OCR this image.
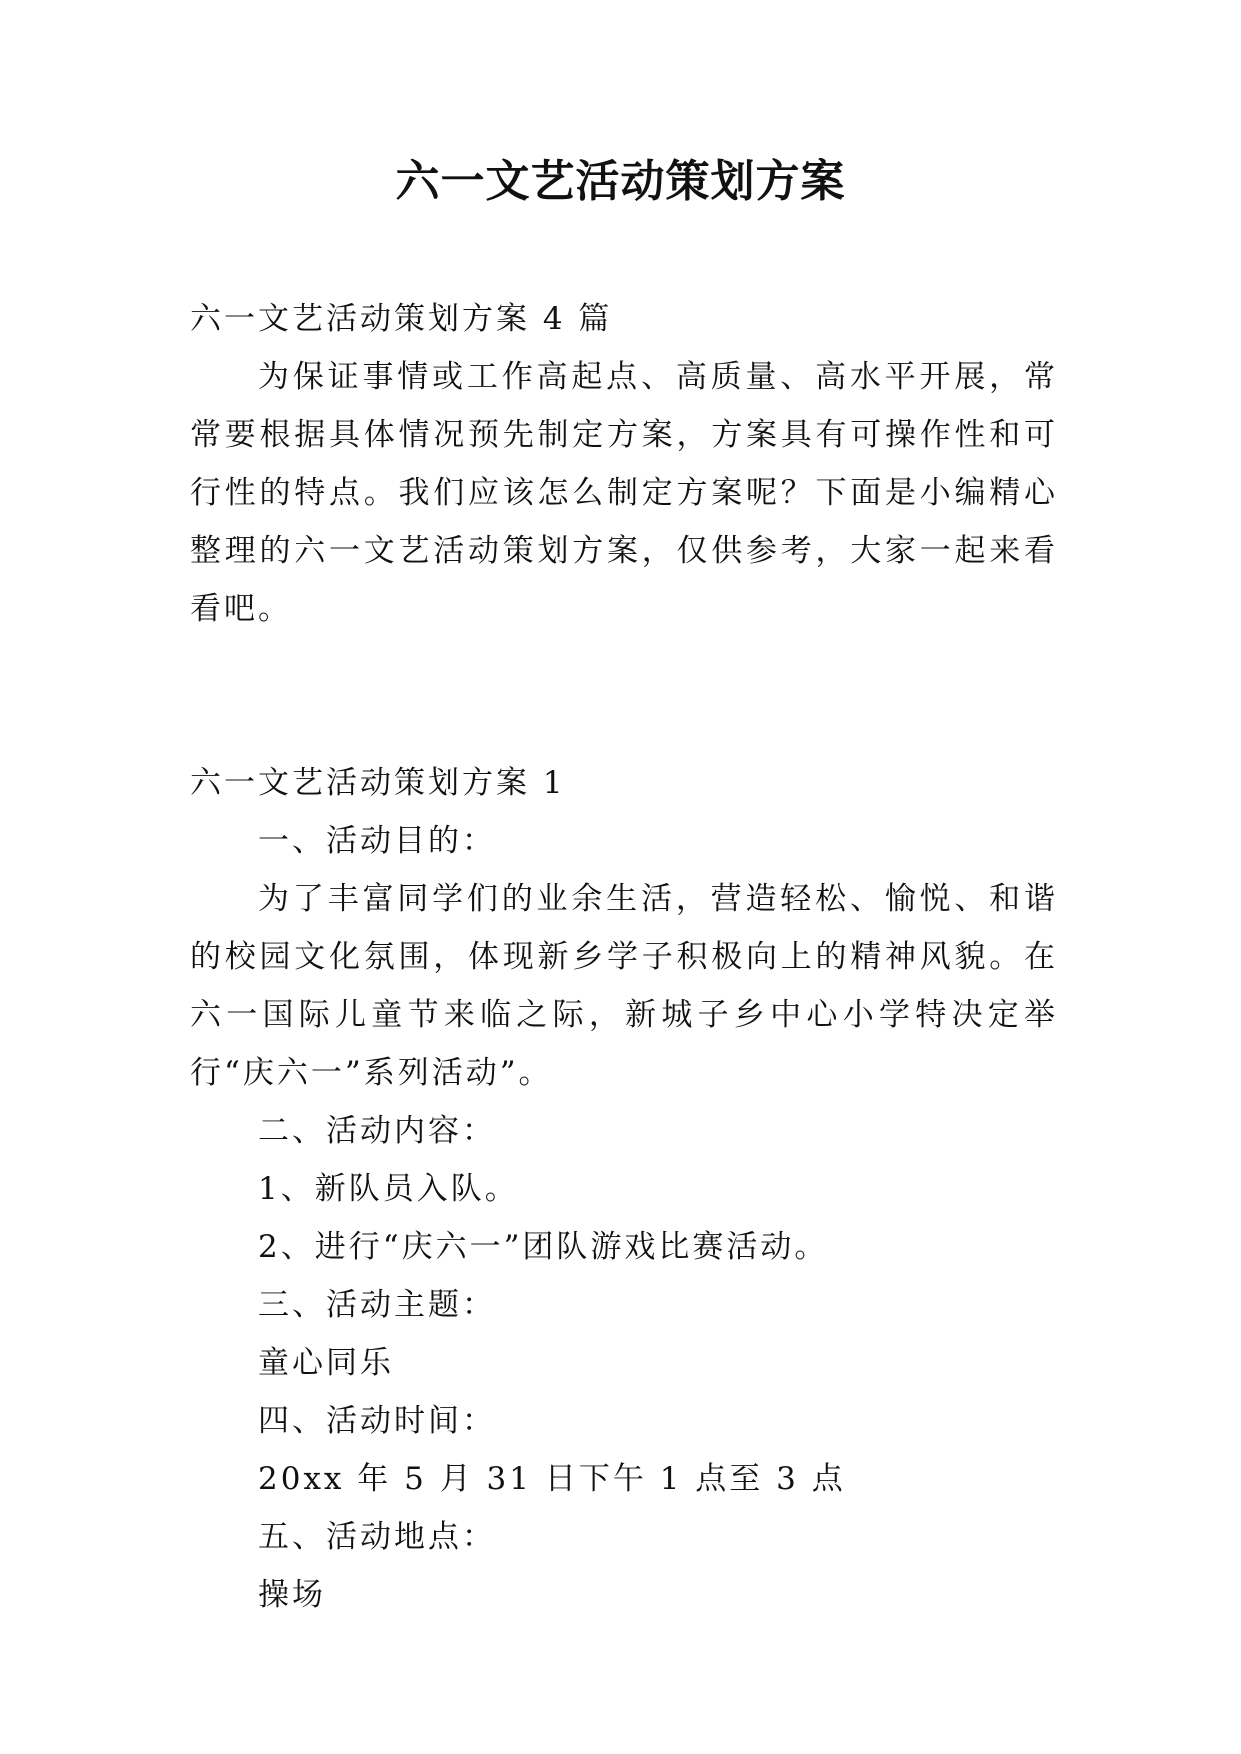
六一文艺活动策划方案

六一文艺活动策划方案 4 篇

为保证事情或工作高起点、高质量、高水平开展，常常要根据具体情况预先制定方案，方案具有可操作性和可行性的特点。我们应该怎么制定方案呢？下面是小编精心整理的六一文艺活动策划方案，仅供参考，大家一起来看看吧。

六一文艺活动策划方案 1

一、活动目的：

为了丰富同学们的业余生活，营造轻松、愉悦、和谐的校园文化氛围，体现新乡学子积极向上的精神风貌。在六一国际儿童节来临之际，新城子乡中心小学特决定举行“庆六一”系列活动”。

二、活动内容：

1、新队员入队。

2、进行“庆六一”团队游戏比赛活动。

三、活动主题：

童心同乐

四、活动时间：

20xx 年 5 月 31 日下午 1 点至 3 点

五、活动地点：

操场
